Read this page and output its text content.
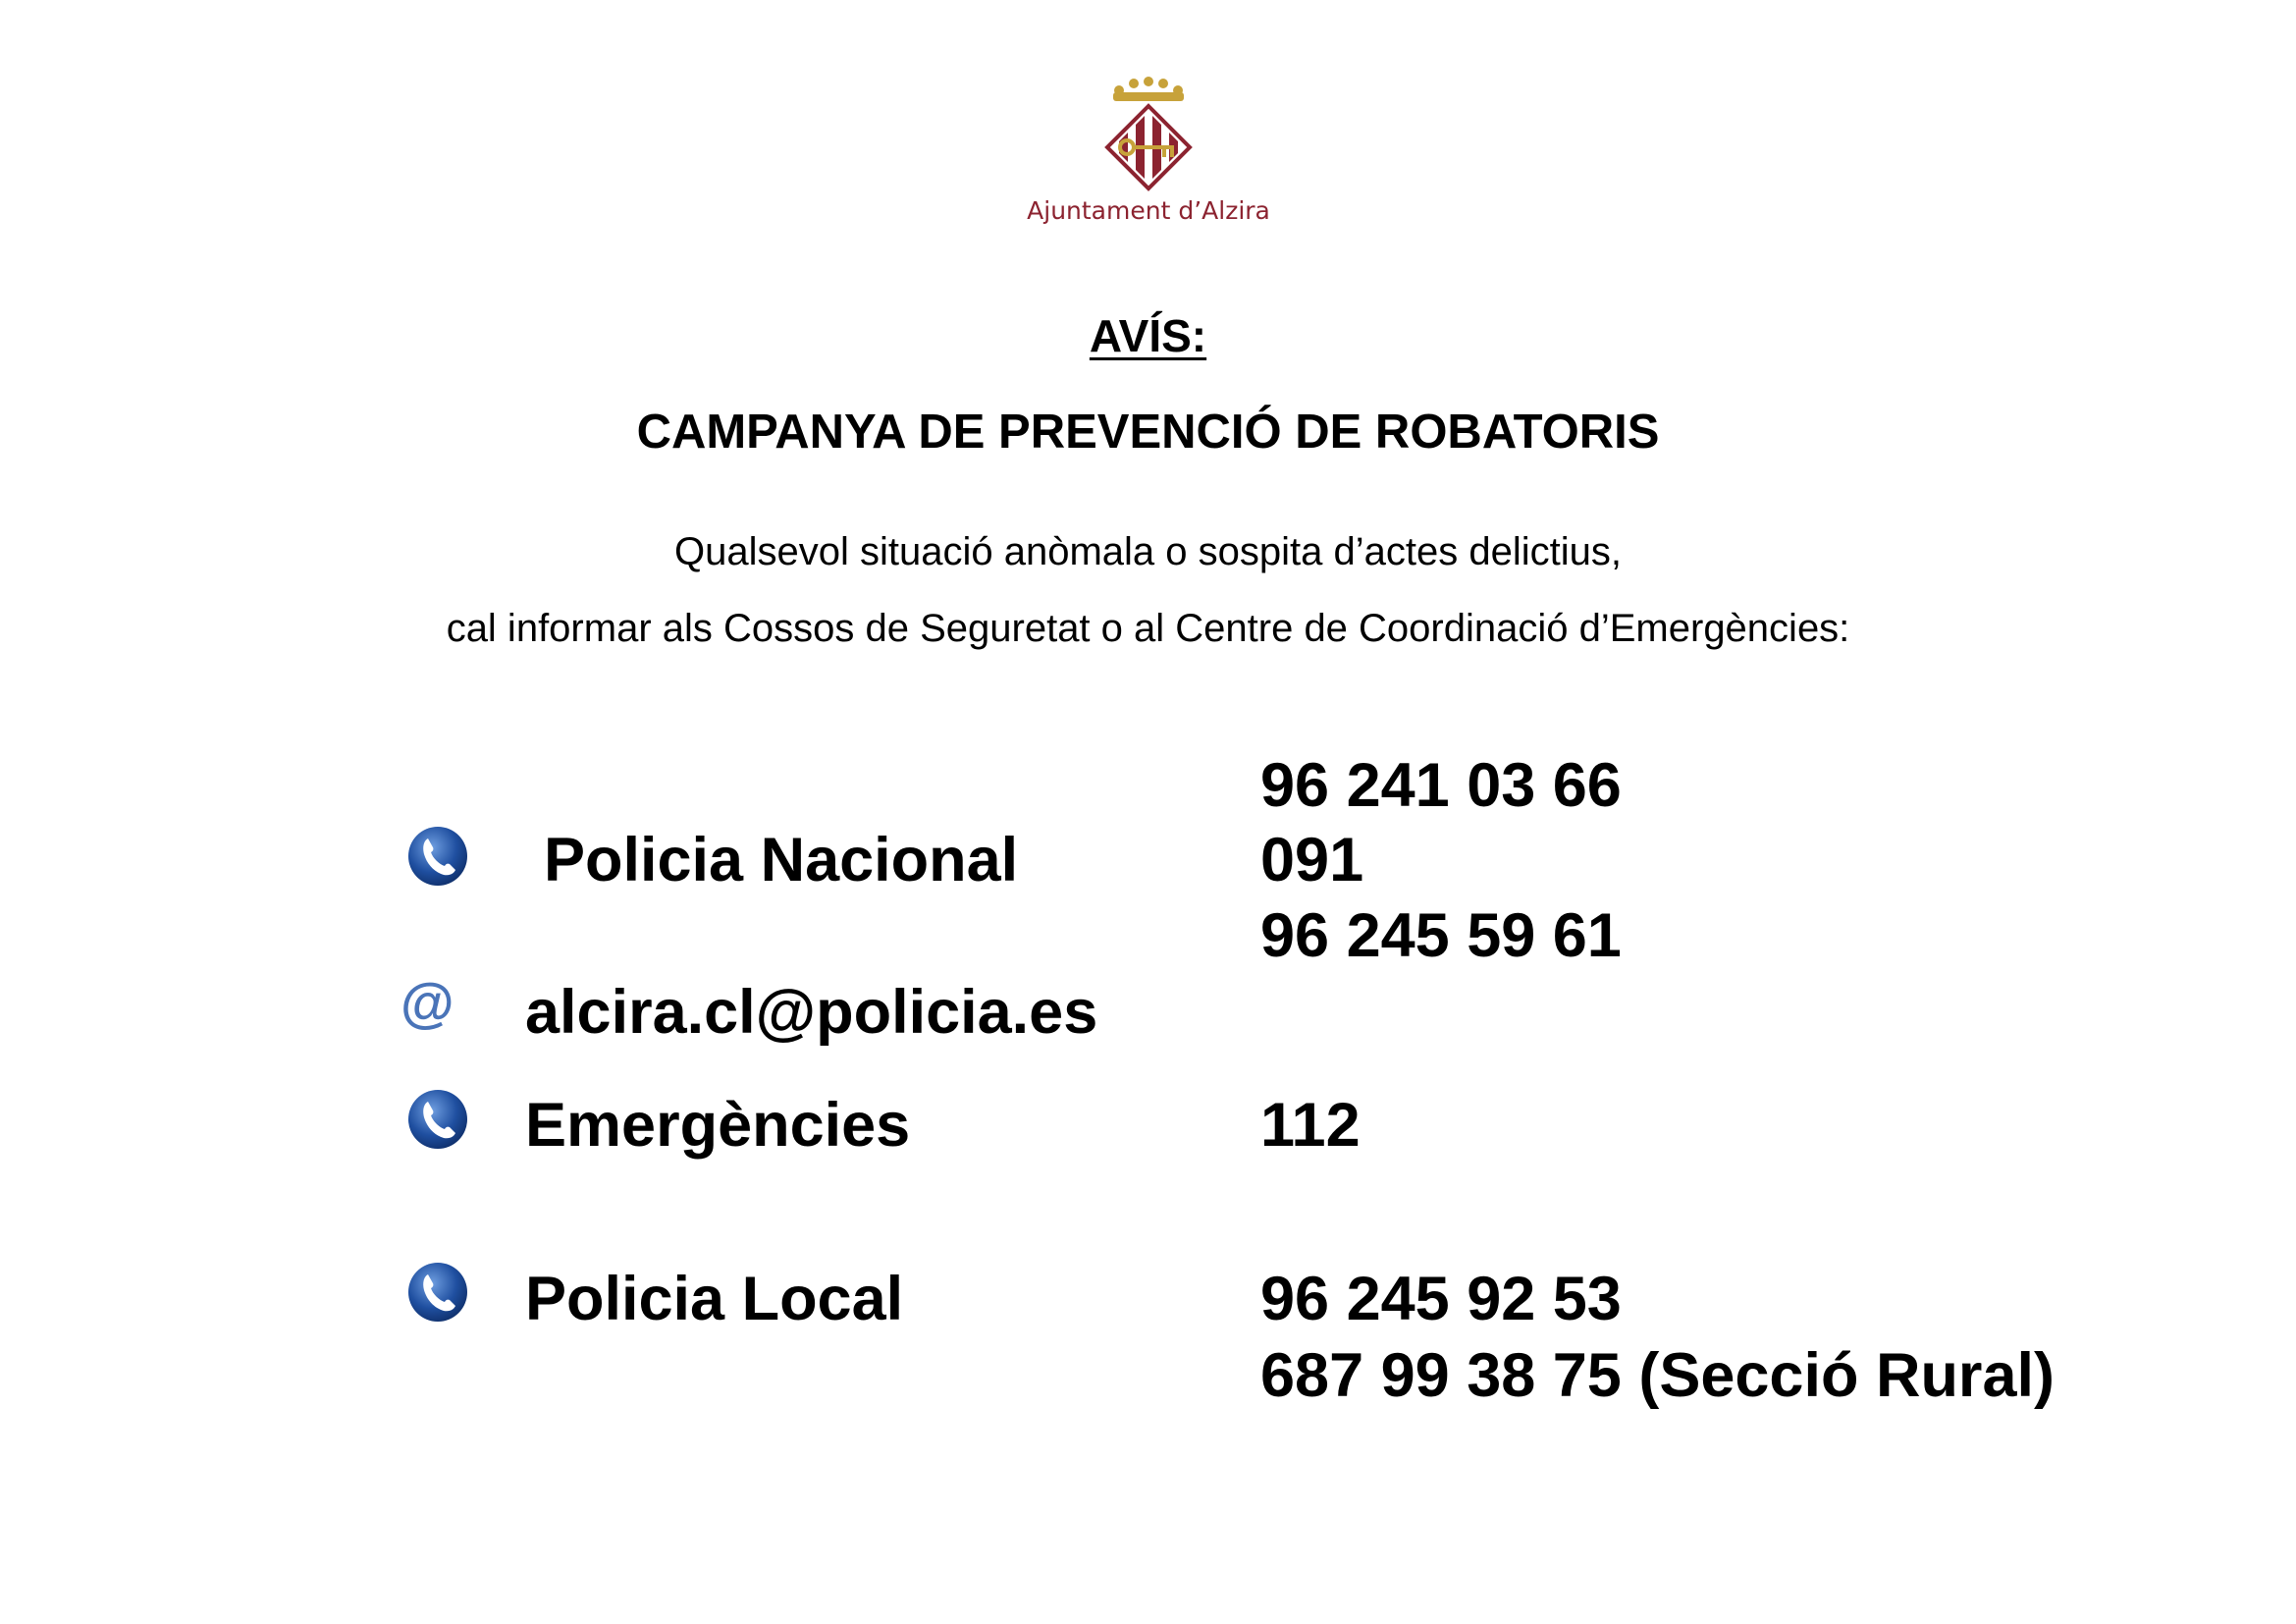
Ajuntament d’Alzira
AVÍS:
CAMPANYA DE PREVENCIÓ DE ROBATORIS
Qualsevol situació anòmala o sospita d’actes delictius,
cal informar als Cossos de Seguretat o al Centre de Coordinació d’Emergències:
Policia Nacional
96 241 03 66
091
96 245 59 61
@ alcira.cl@policia.es
Emergències	112
Policia Local	96 245 92 53
687 99 38 75 (Secció Rural)
